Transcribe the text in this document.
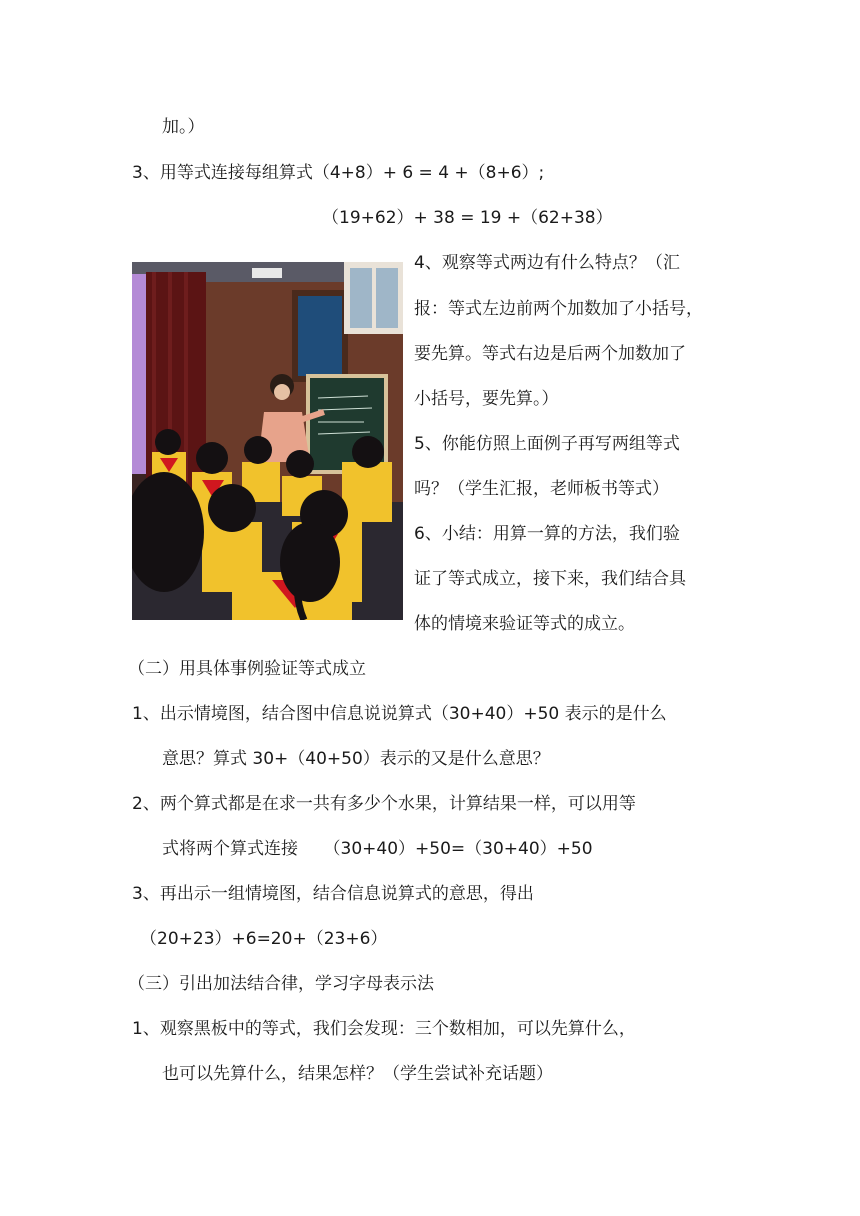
加。）
3、用等式连接每组算式（4+8）+ 6 = 4 +（8+6）;
（19+62）+ 38 = 19 +（62+38）
4、观察等式两边有什么特点？（汇
报：等式左边前两个加数加了小括号，
要先算。等式右边是后两个加数加了
小括号，要先算。）
5、你能仿照上面例子再写两组等式
吗？（学生汇报，老师板书等式）
6、小结：用算一算的方法，我们验
证了等式成立，接下来，我们结合具
体的情境来验证等式的成立。
（二）用具体事例验证等式成立
1、出示情境图，结合图中信息说说算式（30+40）+50 表示的是什么
意思？算式 30+（40+50）表示的又是什么意思？
2、两个算式都是在求一共有多少个水果，计算结果一样，可以用等
式将两个算式连接　　（30+40）+50=（30+40）+50
3、再出示一组情境图，结合信息说算式的意思，得出
（20+23）+6=20+（23+6）
（三）引出加法结合律，学习字母表示法
1、观察黑板中的等式，我们会发现：三个数相加，可以先算什么，
也可以先算什么，结果怎样？（学生尝试补充话题）
